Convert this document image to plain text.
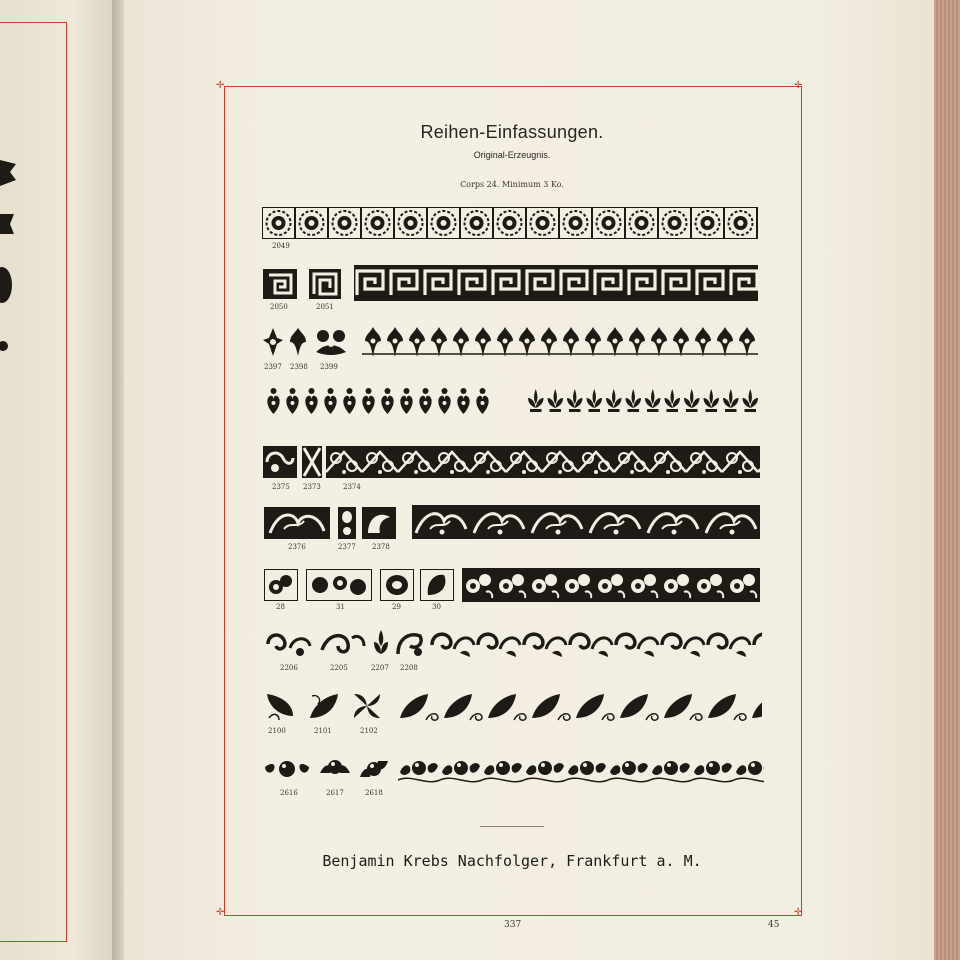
✛	✛
✛	✛
Reihen-Einfassungen.
Original-Erzeugnis.
Corps 24. Minimum 3 Ko.
2049
2050	2051
2397 2398 2399
2375 2373	2374
2376	2377 2378
28	31	29	30
2206	2205	2207 2208
2100	2101	2102
2616	2617	2618
Benjamin Krebs Nachfolger, Frankfurt a. M.
337	45
